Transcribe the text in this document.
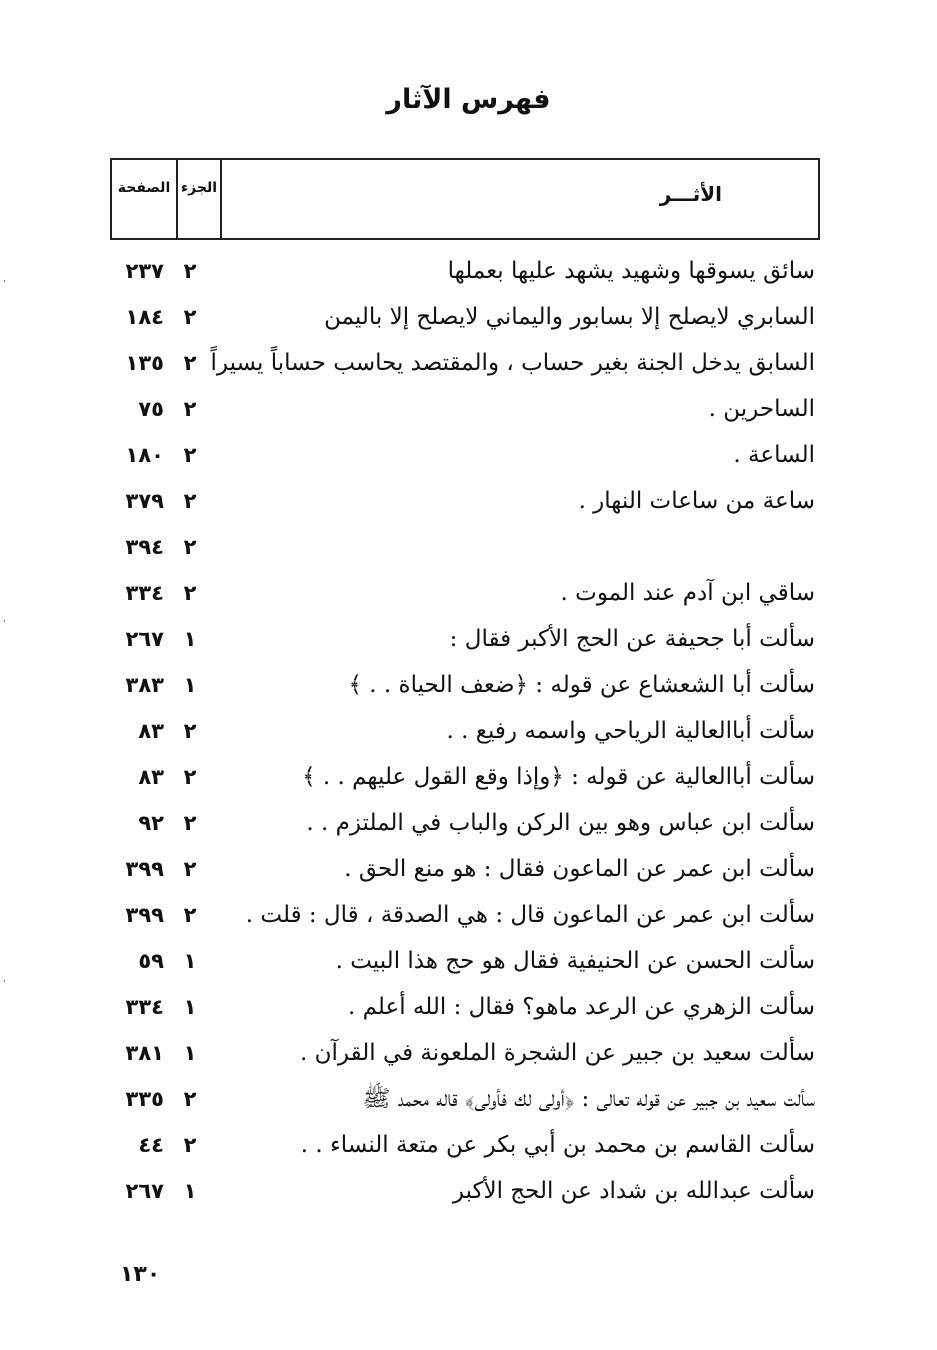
فهرس الآثار
الصفحة الجزء	الأثـــر
سائق يسوقها وشهيد يشهد عليها بعملها
٢
٢٣٧
السابري لايصلح إلا بسابور واليماني لايصلح إلا باليمن
٢
١٨٤
السابق يدخل الجنة بغير حساب ، والمقتصد يحاسب حساباً يسيراً
٢
١٣٥
الساحرين .
٢
٧٥
الساعة .
٢
١٨٠
ساعة من ساعات النهار .
٢
٣٧٩
٢
٣٩٤
ساقي ابن آدم عند الموت .
٢
٣٣٤
سألت أبا جحيفة عن الحج الأكبر فقال :
١
٢٦٧
سألت أبا الشعشاع عن قوله : ﴿ضعف الحياة . . ﴾
١
٣٨٣
سألت أباالعالية الرياحي واسمه رفيع . .
٢
٨٣
سألت أباالعالية عن قوله : ﴿وإذا وقع القول عليهم . . ﴾
٢
٨٣
سألت ابن عباس وهو بين الركن والباب في الملتزم . .
٢
٩٢
سألت ابن عمر عن الماعون فقال : هو منع الحق .
٢
٣٩٩
سألت ابن عمر عن الماعون قال : هي الصدقة ، قال : قلت .
٢
٣٩٩
سألت الحسن عن الحنيفية فقال هو حج هذا البيت .
١
٥٩
سألت الزهري عن الرعد ماهو؟ فقال : الله أعلم .
١
٣٣٤
سألت سعيد بن جبير عن الشجرة الملعونة في القرآن .
١
٣٨١
سألت سعيد بن جبير عن قوله تعالى : ﴿أولى لك فأولى﴾ قاله محمد ﷺ
٢
٣٣٥
سألت القاسم بن محمد بن أبي بكر عن متعة النساء . .
٢
٤٤
سألت عبدالله بن شداد عن الحج الأكبر
١
٢٦٧
١٣٠
